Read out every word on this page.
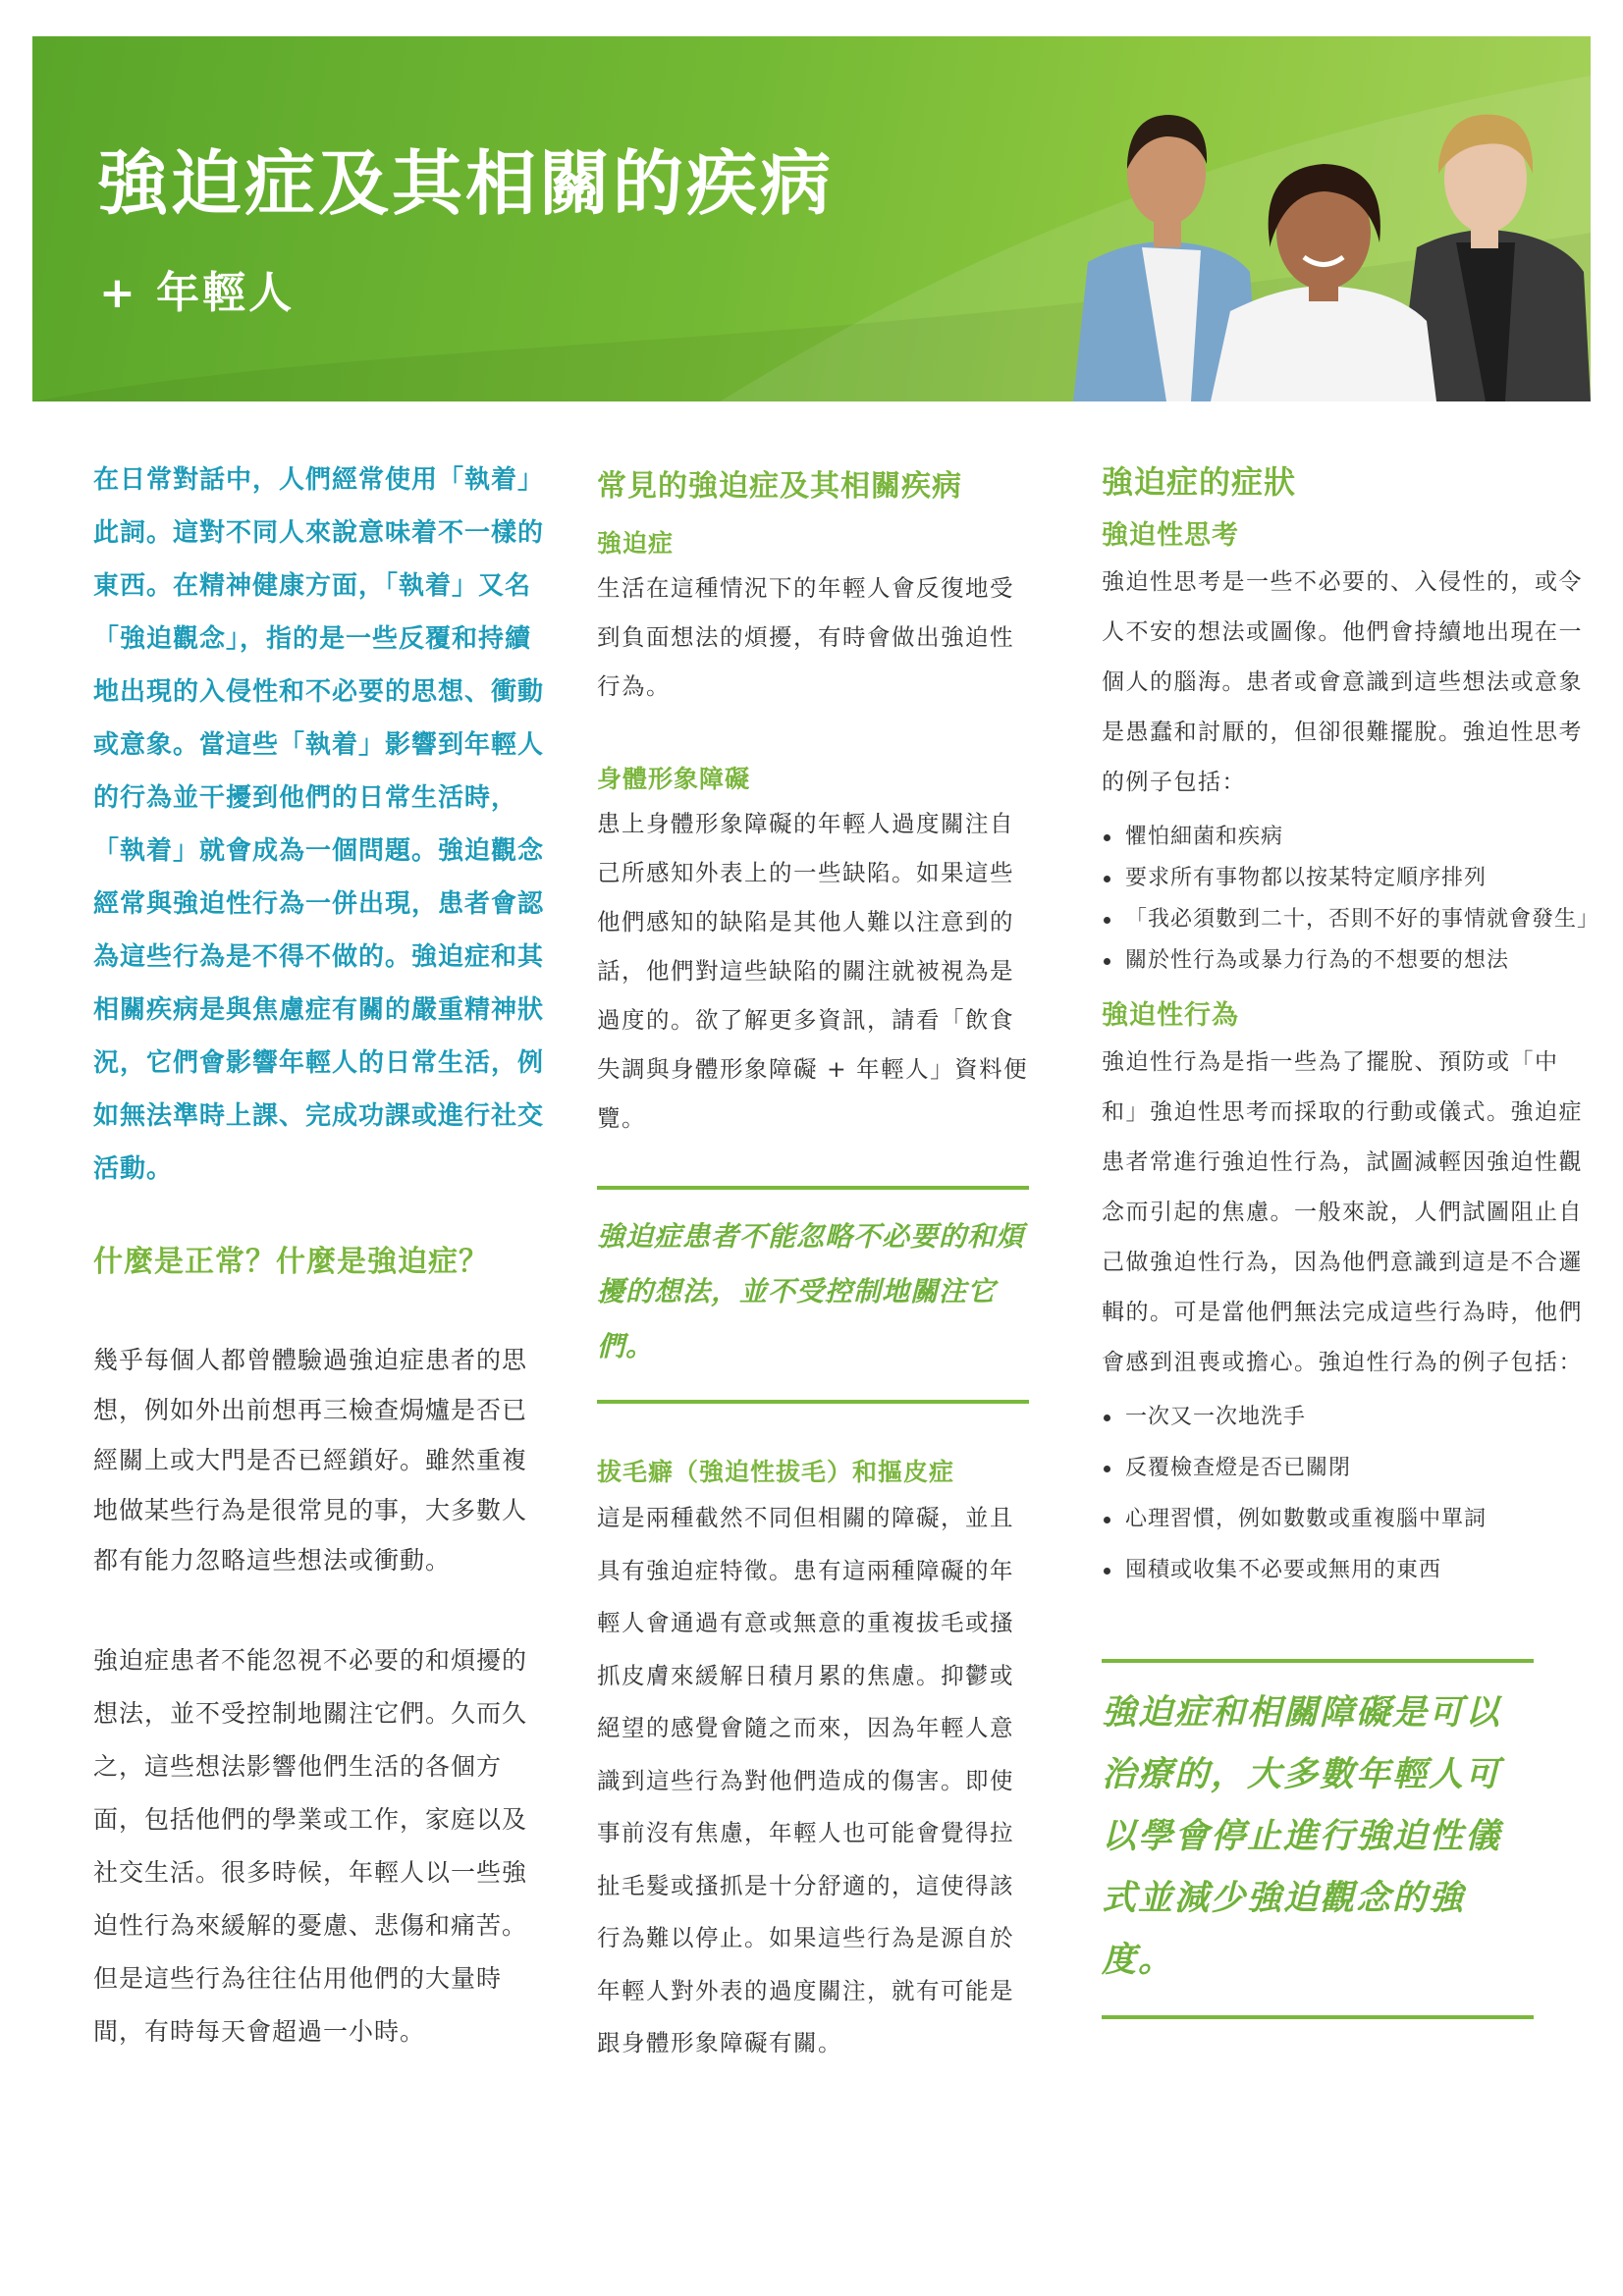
強迫症及其相關的疾病
+ 年輕人

在日常對話中，人們經常使用「執着」此詞。這對不同人來說意味着不一樣的東西。在精神健康方面，「執着」又名「強迫觀念」，指的是一些反覆和持續地出現的入侵性和不必要的思想、衝動或意象。當這些「執着」影響到年輕人的行為並干擾到他們的日常生活時，「執着」就會成為一個問題。強迫觀念經常與強迫性行為一併出現，患者會認為這些行為是不得不做的。強迫症和其相關疾病是與焦慮症有關的嚴重精神狀況，它們會影響年輕人的日常生活，例如無法準時上課、完成功課或進行社交活動。

什麼是正常？什麼是強迫症？

幾乎每個人都曾體驗過強迫症患者的思想，例如外出前想再三檢查焗爐是否已經關上或大門是否已經鎖好。雖然重複地做某些行為是很常見的事，大多數人都有能力忽略這些想法或衝動。

強迫症患者不能忽視不必要的和煩擾的想法，並不受控制地關注它們。久而久之，這些想法影響他們生活的各個方面，包括他們的學業或工作，家庭以及社交生活。很多時候，年輕人以一些強迫性行為來緩解的憂慮、悲傷和痛苦。但是這些行為往往佔用他們的大量時間，有時每天會超過一小時。

常見的強迫症及其相關疾病
強迫症

生活在這種情況下的年輕人會反復地受到負面想法的煩擾，有時會做出強迫性行為。

身體形象障礙

患上身體形象障礙的年輕人過度關注自己所感知外表上的一些缺陷。如果這些他們感知的缺陷是其他人難以注意到的話，他們對這些缺陷的關注就被視為是過度的。欲了解更多資訊，請看「飲食失調與身體形象障礙 + 年輕人」資料便覽。

強迫症患者不能忽略不必要的和煩擾的想法，並不受控制地關注它們。

拔毛癖（強迫性拔毛）和摳皮症

這是兩種截然不同但相關的障礙，並且具有強迫症特徵。患有這兩種障礙的年輕人會通過有意或無意的重複拔毛或搔抓皮膚來緩解日積月累的焦慮。抑鬱或絕望的感覺會隨之而來，因為年輕人意識到這些行為對他們造成的傷害。即使事前沒有焦慮，年輕人也可能會覺得拉扯毛髮或搔抓是十分舒適的，這使得該行為難以停止。如果這些行為是源自於年輕人對外表的過度關注，就有可能是跟身體形象障礙有關。

強迫症的症狀
強迫性思考

強迫性思考是一些不必要的、入侵性的，或令人不安的想法或圖像。他們會持續地出現在一個人的腦海。患者或會意識到這些想法或意象是愚蠢和討厭的，但卻很難擺脫。強迫性思考的例子包括：

懼怕細菌和疾病
要求所有事物都以按某特定順序排列
「我必須數到二十，否則不好的事情就會發生」
關於性行為或暴力行為的不想要的想法
強迫性行為

強迫性行為是指一些為了擺脫、預防或「中和」強迫性思考而採取的行動或儀式。強迫症患者常進行強迫性行為，試圖減輕因強迫性觀念而引起的焦慮。一般來說，人們試圖阻止自己做強迫性行為，因為他們意識到這是不合邏輯的。可是當他們無法完成這些行為時，他們會感到沮喪或擔心。強迫性行為的例子包括：

一次又一次地洗手
反覆檢查燈是否已關閉
心理習慣，例如數數或重複腦中單詞
囤積或收集不必要或無用的東西

強迫症和相關障礙是可以治療的，大多數年輕人可以學會停止進行強迫性儀式並減少強迫觀念的強度。
